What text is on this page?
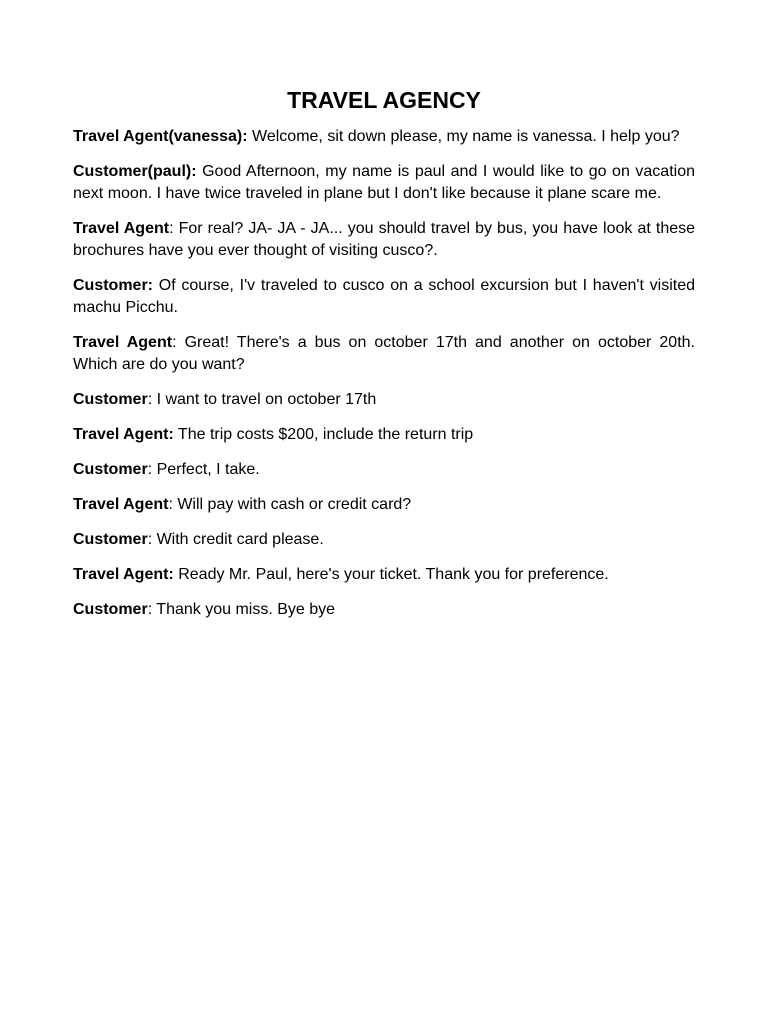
TRAVEL AGENCY

Travel Agent(vanessa): Welcome, sit down please, my name is vanessa. I help you?

Customer(paul): Good Afternoon, my name is paul and I would like to go on vacation next moon. I have twice traveled in plane but I don't like because it plane scare me.

Travel Agent: For real? JA- JA - JA... you should travel by bus, you have look at these brochures have you ever thought of visiting cusco?.

Customer: Of course, I'v traveled to cusco on a school excursion but I haven't visited machu Picchu.

Travel Agent: Great! There's a bus on october 17th and another on october 20th. Which are do you want?

Customer: I want to travel on october 17th

Travel Agent: The trip costs $200, include the return trip

Customer: Perfect, I take.

Travel Agent: Will pay with cash or credit card?

Customer: With credit card please.

Travel Agent: Ready Mr. Paul, here's your ticket. Thank you for preference.

Customer: Thank you miss. Bye bye
